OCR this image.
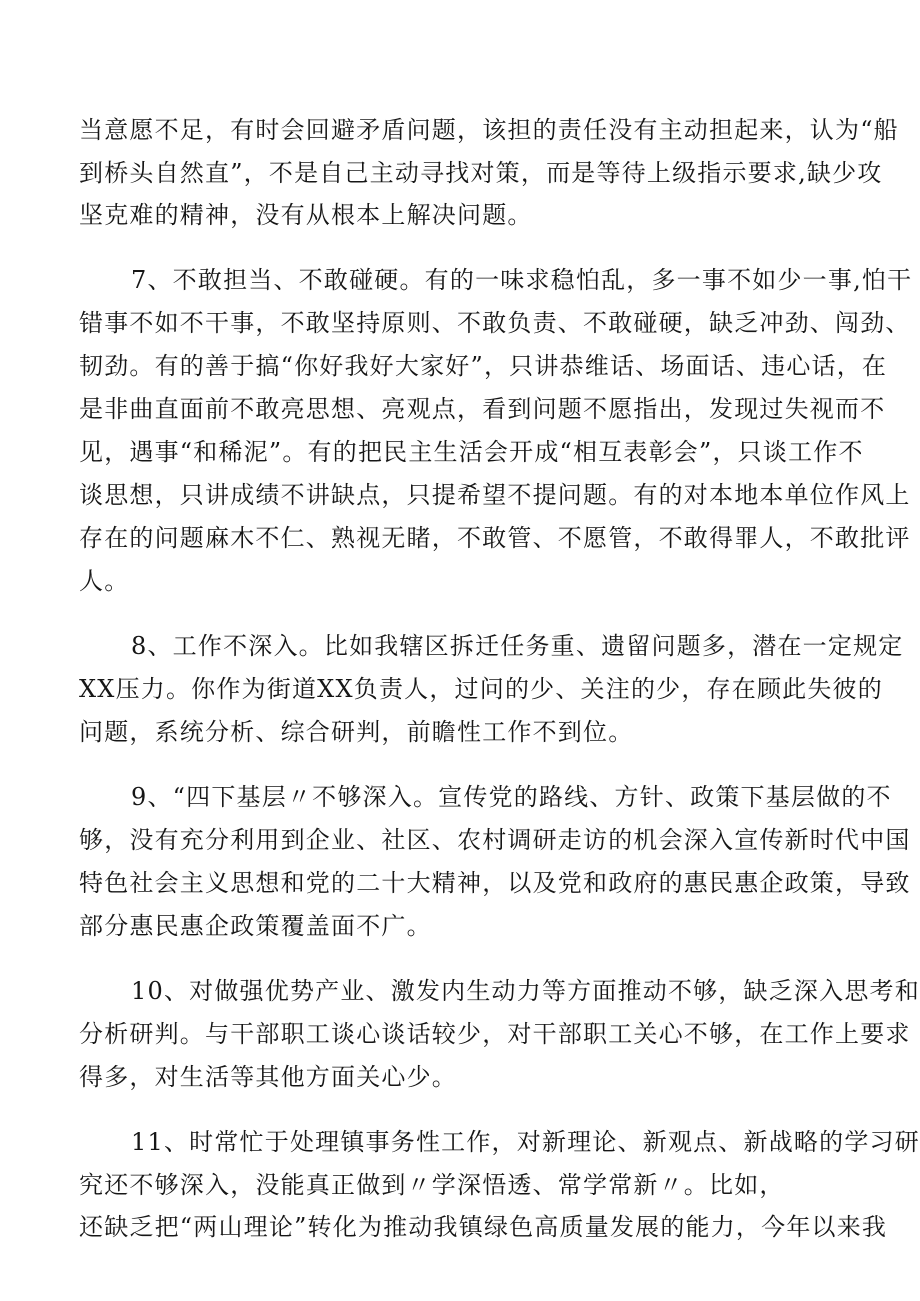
当意愿不足，有时会回避矛盾问题，该担的责任没有主动担起来，认为“船

到桥头自然直”，不是自己主动寻找对策，而是等待上级指示要求,缺少攻

坚克难的精神，没有从根本上解决问题。

7、不敢担当、不敢碰硬。有的一味求稳怕乱，多一事不如少一事,怕干

错事不如不干事，不敢坚持原则、不敢负责、不敢碰硬，缺乏冲劲、闯劲、

韧劲。有的善于搞“你好我好大家好”，只讲恭维话、场面话、违心话，在

是非曲直面前不敢亮思想、亮观点，看到问题不愿指出，发现过失视而不

见，遇事“和稀泥”。有的把民主生活会开成“相互表彰会”，只谈工作不

谈思想，只讲成绩不讲缺点，只提希望不提问题。有的对本地本单位作风上

存在的问题麻木不仁、熟视无睹，不敢管、不愿管，不敢得罪人，不敢批评

人。

8、工作不深入。比如我辖区拆迁任务重、遗留问题多，潜在一定规定

XX压力。你作为街道XX负责人，过问的少、关注的少，存在顾此失彼的

问题，系统分析、综合研判，前瞻性工作不到位。

9、“四下基层〃不够深入。宣传党的路线、方针、政策下基层做的不

够，没有充分利用到企业、社区、农村调研走访的机会深入宣传新时代中国

特色社会主义思想和党的二十大精神，以及党和政府的惠民惠企政策，导致

部分惠民惠企政策覆盖面不广。

10、对做强优势产业、激发内生动力等方面推动不够，缺乏深入思考和

分析研判。与干部职工谈心谈话较少，对干部职工关心不够，在工作上要求

得多，对生活等其他方面关心少。

11、时常忙于处理镇事务性工作，对新理论、新观点、新战略的学习研

究还不够深入，没能真正做到〃学深悟透、常学常新〃。比如，

还缺乏把“两山理论”转化为推动我镇绿色高质量发展的能力，今年以来我
